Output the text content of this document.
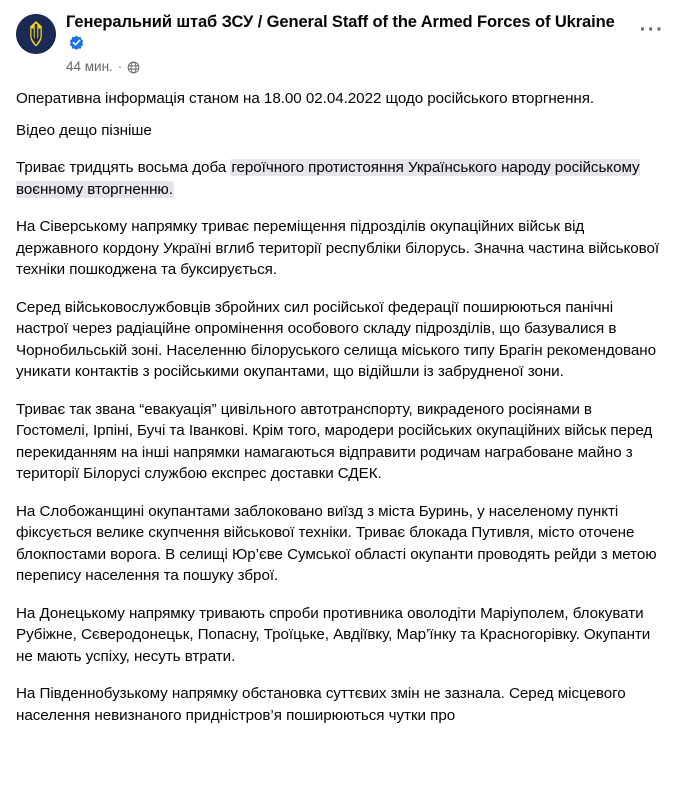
Генеральний штаб ЗСУ / General Staff of the Armed Forces of Ukraine
44 мин. ·
···

Оперативна інформація станом на 18.00 02.04.2022 щодо російського вторгнення.

Відео дещо пізніше

Триває тридцять восьма доба героїчного протистояння Українського народу російському воєнному вторгненню.

На Сіверському напрямку триває переміщення підрозділів окупаційних військ від державного кордону Україні вглиб території республіки білорусь. Значна частина військової техніки пошкоджена та буксирується.

Серед військовослужбовців збройних сил російської федерації поширюються панічні настрої через радіаційне опромінення особового складу підрозділів, що базувалися в Чорнобильській зоні. Населенню білоруського селища міського типу Брагін рекомендовано уникати контактів з російськими окупантами, що відійшли із забрудненої зони.

Триває так звана “евакуація” цивільного автотранспорту, викраденого росіянами в Гостомелі, Ірпіні, Бучі та Іванкові. Крім того, мародери російських окупаційних військ перед перекиданням на інші напрямки намагаються відправити родичам награбоване майно з території Білорусі службою експрес доставки СДЕК.

На Слобожанщині окупантами заблоковано виїзд з міста Буринь, у населеному пункті фіксується велике скупчення військової техніки. Триває блокада Путивля, місто оточене блокпостами ворога. В селищі Юр’єве Сумської області окупанти проводять рейди з метою перепису населення та пошуку зброї.

На Донецькому напрямку тривають спроби противника оволодіти Маріуполем, блокувати Рубіжне, Сєверодонецьк, Попасну, Троїцьке, Авдіївку, Мар’їнку та Красногорівку. Окупанти не мають успіху, несуть втрати.

На Південнобузькому напрямку обстановка суттєвих змін не зазнала. Серед місцевого населення невизнаного придністров’я поширюються чутки про
